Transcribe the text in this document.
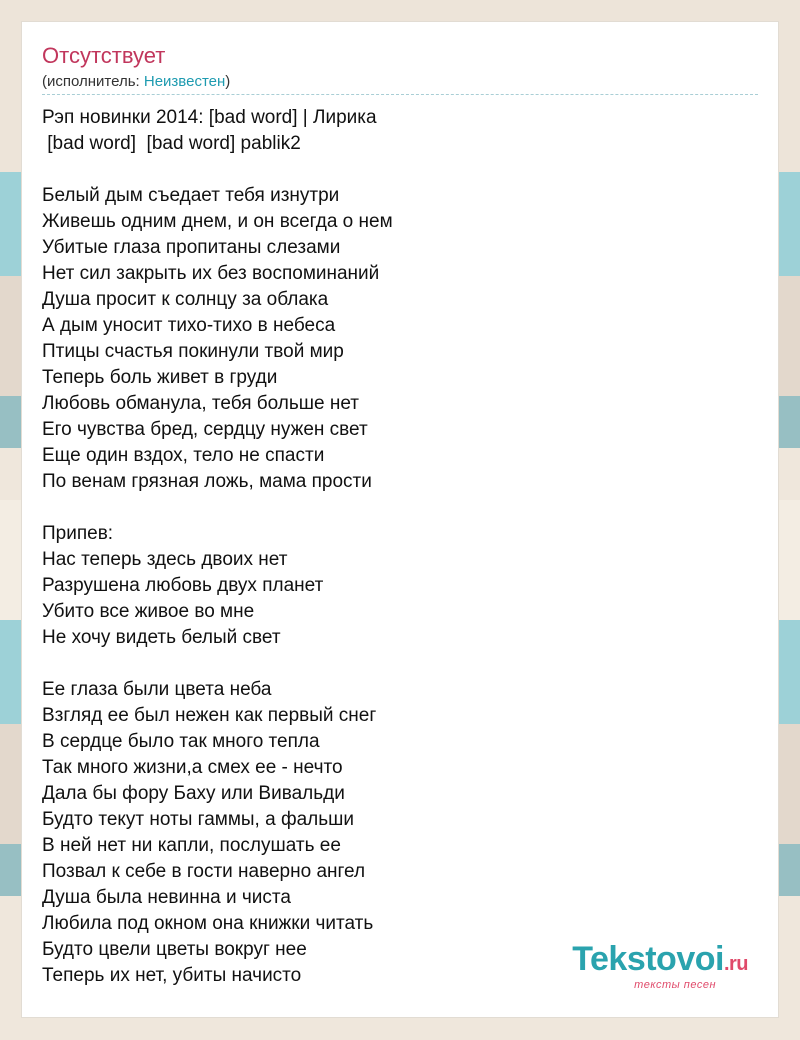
Отсутствует
(исполнитель: Неизвестен)
Рэп новинки 2014: [bad word] | Лирика
[bad word]  [bad word] pablik2
Белый дым съедает тебя изнутри
Живешь одним днем, и он всегда о нем
Убитые глаза пропитаны слезами
Нет сил закрыть их без воспоминаний
Душа просит к солнцу за облака
А дым уносит тихо-тихо в небеса
Птицы счастья покинули твой мир
Теперь боль живет в груди
Любовь обманула, тебя больше нет
Его чувства бред, сердцу нужен свет
Еще один вздох, тело не спасти
По венам грязная ложь, мама прости
Припев:
Нас теперь здесь двоих нет
Разрушена любовь двух планет
Убито все живое во мне
Не хочу видеть белый свет
Ее глаза были цвета неба
Взгляд ее был нежен как первый снег
В сердце было так много тепла
Так много жизни,а смех ее - нечто
Дала бы фору Баху или Вивальди
Будто текут ноты гаммы, а фальши
В ней нет ни капли, послушать ее
Позвал к себе в гости наверно ангел
Душа была невинна и чиста
Любила под окном она книжки читать
Будто цвели цветы вокруг нее
Теперь их нет, убиты начисто	Tekstovoi.ru
тексты песен
